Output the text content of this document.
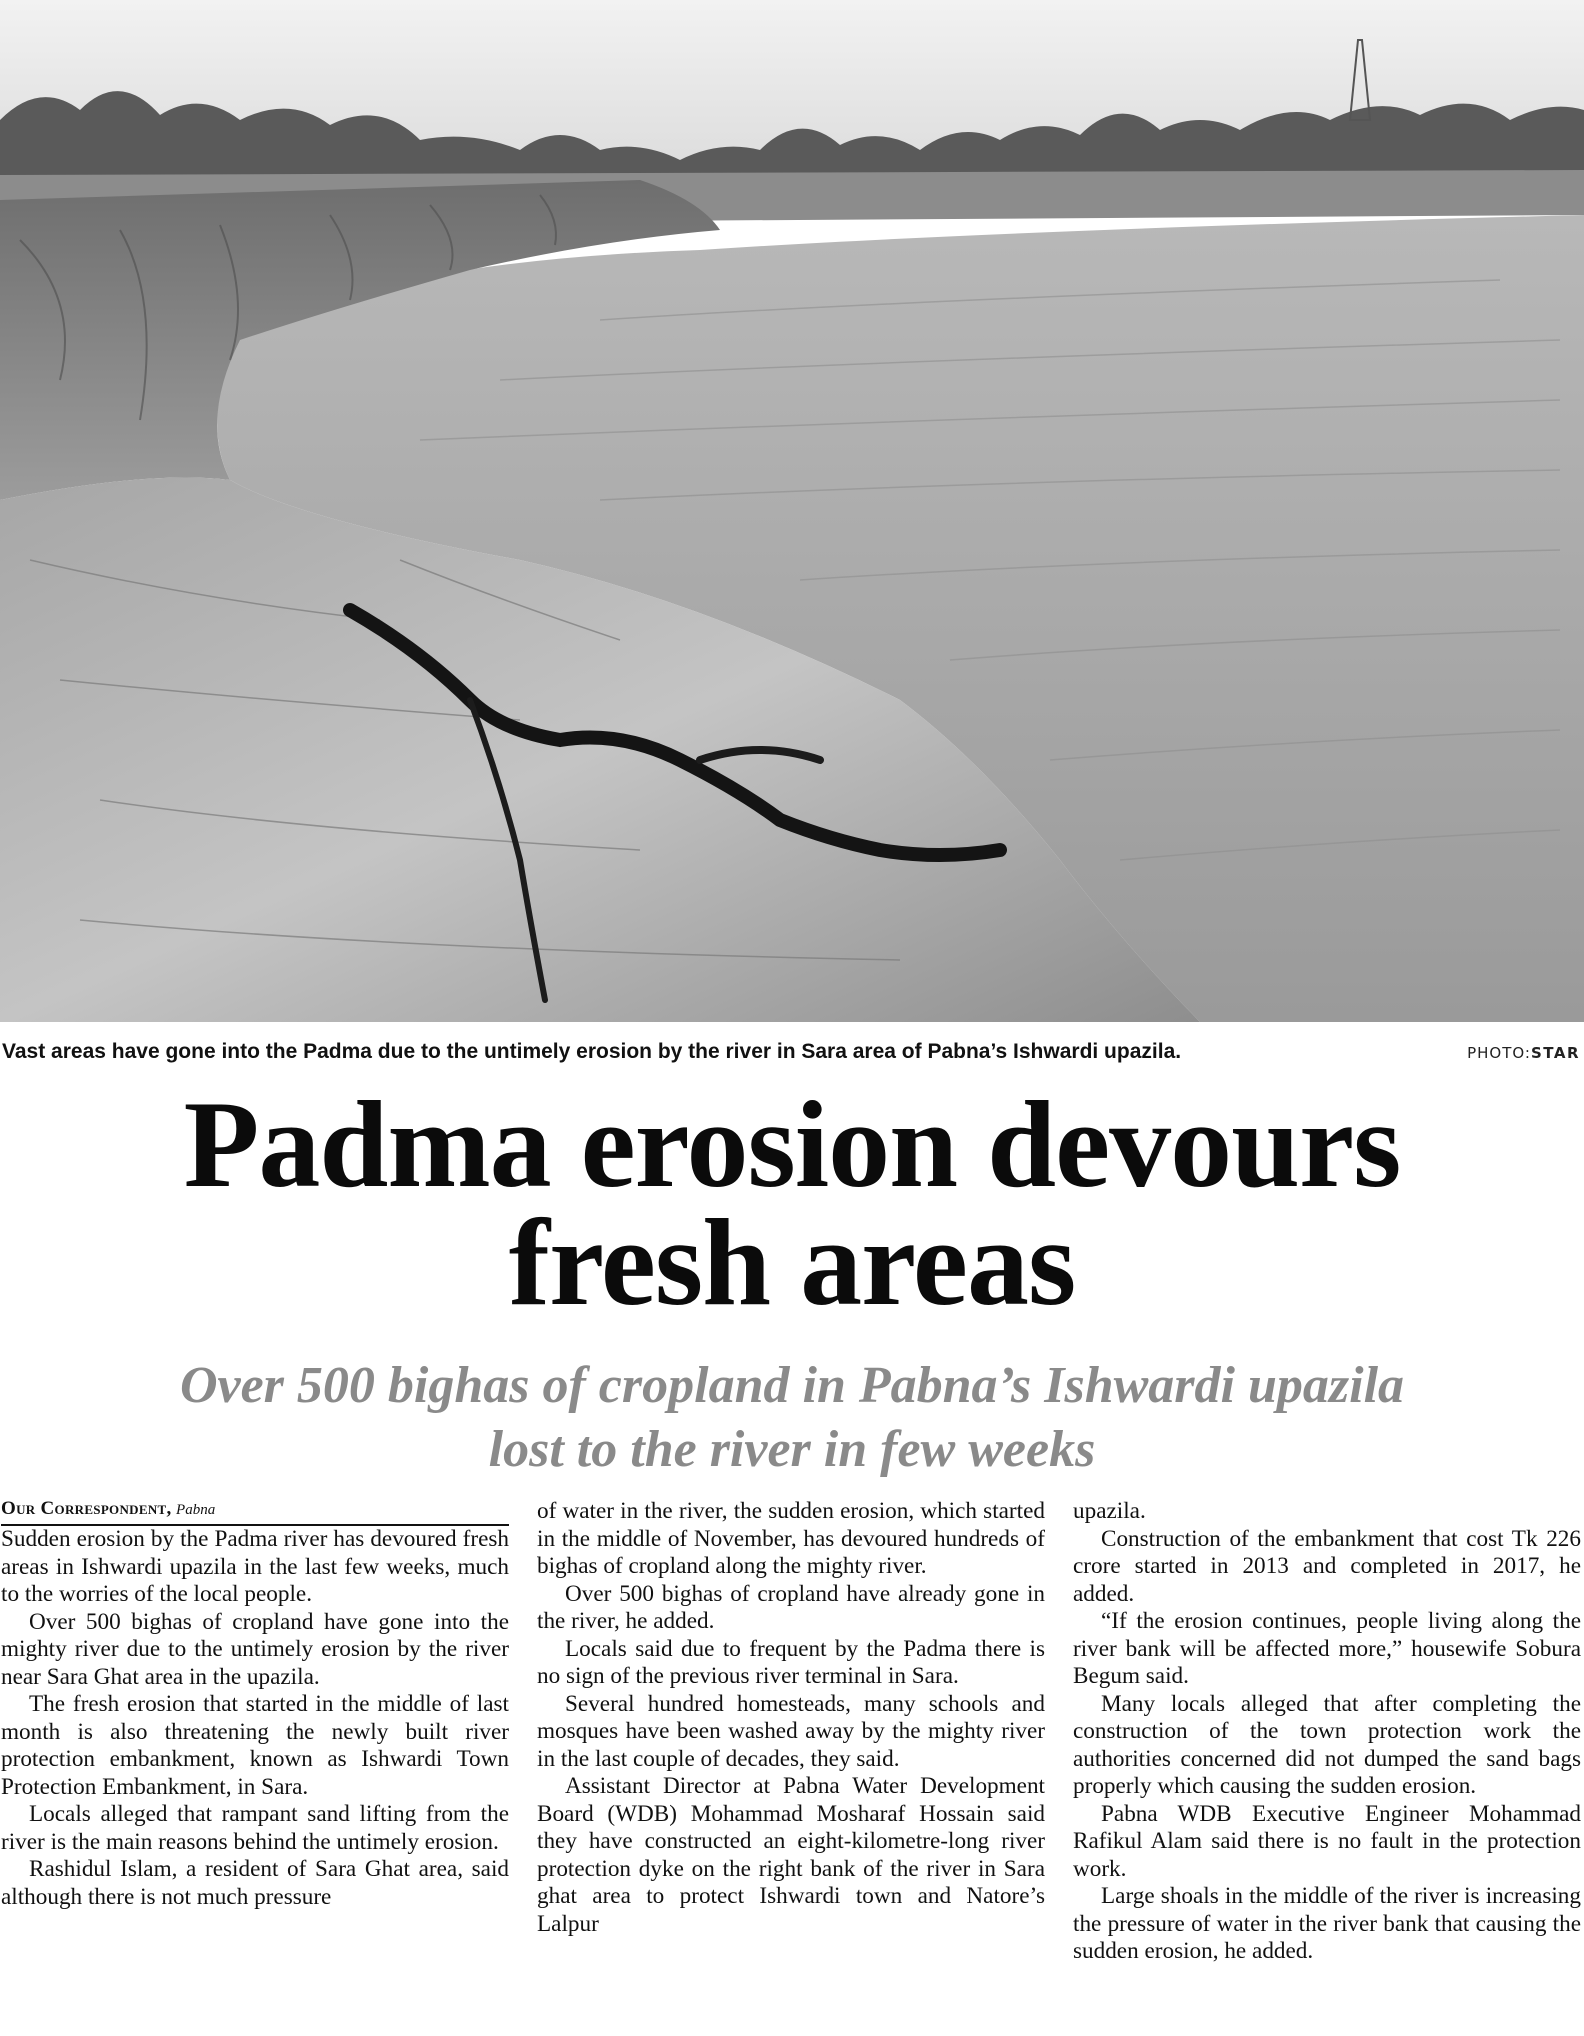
Vast areas have gone into the Padma due to the untimely erosion by the river in Sara area of Pabna’s Ishwardi upazila.	PHOTO:STAR
Padma erosion devours
fresh areas
Over 500 bighas of cropland in Pabna’s Ishwardi upazila
lost to the river in few weeks
Our Correspondent, Pabna

Sudden erosion by the Padma river has devoured fresh areas in Ishwardi upazila in the last few weeks, much to the worries of the local people.

Over 500 bighas of cropland have gone into the mighty river due to the untimely erosion by the river near Sara Ghat area in the upazila.

The fresh erosion that started in the middle of last month is also threatening the newly built river protection embankment, known as Ishwardi Town Protection Embankment, in Sara.

Locals alleged that rampant sand lifting from the river is the main reasons behind the untimely erosion.

Rashidul Islam, a resident of Sara Ghat area, said although there is not much pressure

of water in the river, the sudden erosion, which started in the middle of November, has devoured hundreds of bighas of cropland along the mighty river.

Over 500 bighas of cropland have already gone in the river, he added.

Locals said due to frequent by the Padma there is no sign of the previous river terminal in Sara.

Several hundred homesteads, many schools and mosques have been washed away by the mighty river in the last couple of decades, they said.

Assistant Director at Pabna Water Development Board (WDB) Mohammad Mosharaf Hossain said they have constructed an eight-kilometre-long river protection dyke on the right bank of the river in Sara ghat area to protect Ishwardi town and Natore’s Lalpur

upazila.

Construction of the embankment that cost Tk 226 crore started in 2013 and completed in 2017, he added.

“If the erosion continues, people living along the river bank will be affected more,” housewife Sobura Begum said.

Many locals alleged that after completing the construction of the town protection work the authorities concerned did not dumped the sand bags properly which causing the sudden erosion.

Pabna WDB Executive Engineer Mohammad Rafikul Alam said there is no fault in the protection work.

Large shoals in the middle of the river is increasing the pressure of water in the river bank that causing the sudden erosion, he added.
